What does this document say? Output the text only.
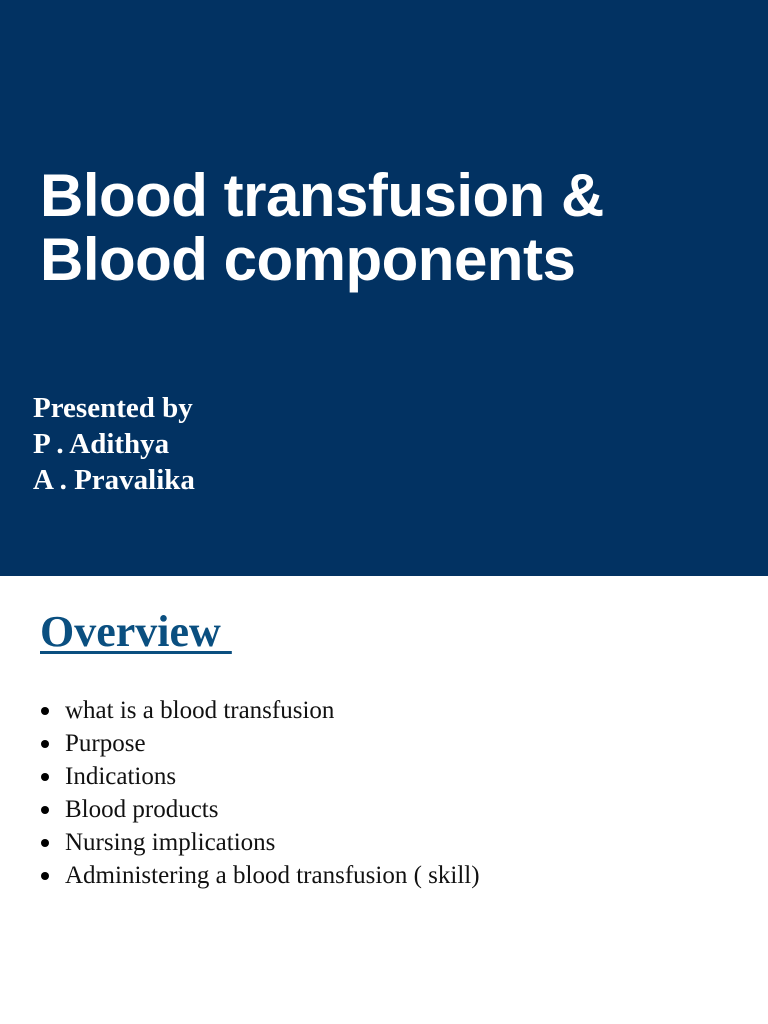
Blood transfusion &
Blood components
Presented by
P . Adithya
A . Pravalika
Overview
what is a blood transfusion
Purpose
Indications
Blood products
Nursing implications
Administering a blood transfusion ( skill)
